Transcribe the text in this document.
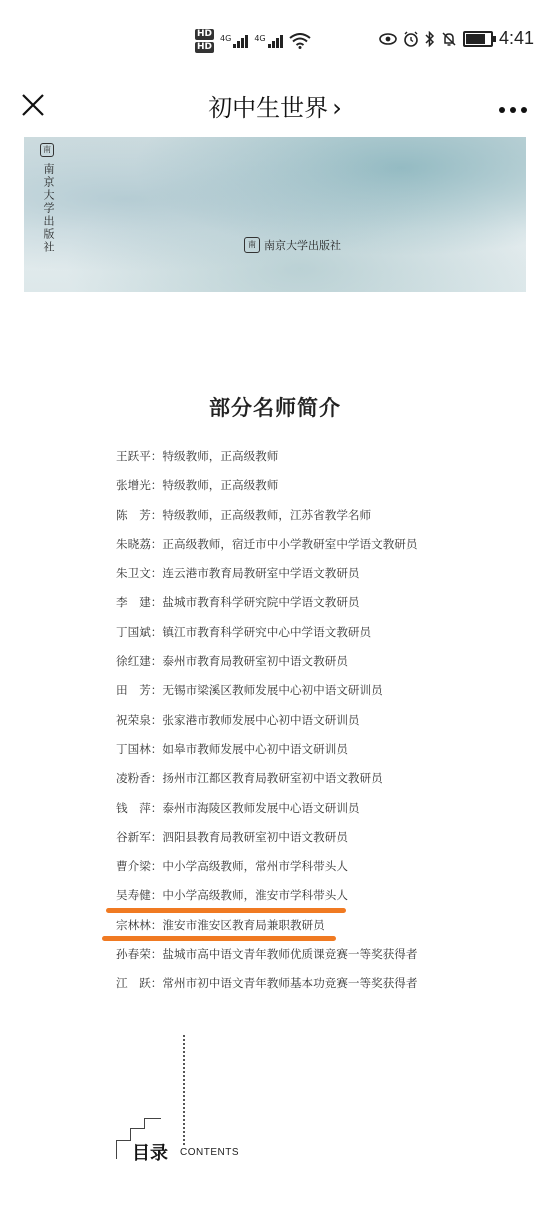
HD
HD
4G	4G	4:41
初中生世界 ›
南
南京大学出版社	南 南京大学出版社
部分名师简介
王跃平 ： 特级教师，正高级教师
张增光 ： 特级教师，正高级教师
陈　芳 ： 特级教师，正高级教师，江苏省教学名师
朱晓荔 ： 正高级教师，宿迁市中小学教研室中学语文教研员
朱卫文 ： 连云港市教育局教研室中学语文教研员
李　建 ： 盐城市教育科学研究院中学语文教研员
丁国斌 ： 镇江市教育科学研究中心中学语文教研员
徐红建 ： 泰州市教育局教研室初中语文教研员
田　芳 ： 无锡市梁溪区教师发展中心初中语文研训员
祝荣泉 ： 张家港市教师发展中心初中语文研训员
丁国林 ： 如皋市教师发展中心初中语文研训员
凌粉香 ： 扬州市江都区教育局教研室初中语文教研员
钱　萍 ： 泰州市海陵区教师发展中心语文研训员
谷新军 ： 泗阳县教育局教研室初中语文教研员
曹介梁 ： 中小学高级教师，常州市学科带头人
吴寿健 ： 中小学高级教师，淮安市学科带头人
宗林林 ： 淮安市淮安区教育局兼职教研员
孙春荣 ： 盐城市高中语文青年教师优质课竞赛一等奖获得者
江　跃 ： 常州市初中语文青年教师基本功竞赛一等奖获得者
目录 CONTENTS
